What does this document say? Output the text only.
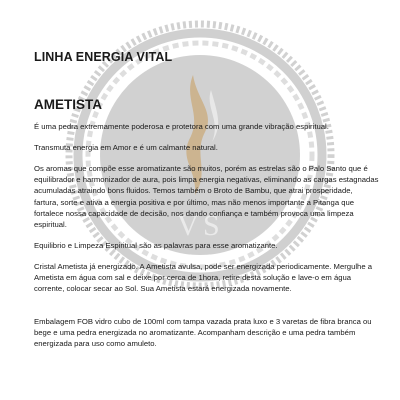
V S
LINHA ENERGIA VITAL
AMETISTA

É uma pedra extremamente poderosa e protetora com uma grande vibração espiritual.

Transmuta energia em Amor e é um calmante natural.

Os aromas que compõe esse aromatizante são muitos, porém as estrelas são o Palo Santo que é equilibrador e harmonizador de aura, pois limpa energia negativas, eliminando as cargas estagnadas acumuladas atraindo bons fluidos. Temos também o Broto de Bambu, que atrai prosperidade, fartura, sorte e ativa a energia positiva e por último, mas não menos importante a Pitanga que fortalece nossa capacidade de decisão, nos dando confiança e também provoca uma limpeza espiritual.

Equilibrio e Limpeza Espiritual são as palavras para esse aromatizante.

Cristal Ametista já energizado. A Ametista avulsa, pode ser energizada periodicamente. Mergulhe a Ametista em água com sal e deixe por cerca de 1hora, retire desta solução e lave-o em água corrente, colocar secar ao Sol. Sua Ametista estará energizada novamente.

Embalagem FOB vidro cubo de 100ml com tampa vazada prata luxo e 3 varetas de fibra branca ou bege e uma pedra energizada no aromatizante. Acompanham descrição e uma pedra também energizada para uso como amuleto.
